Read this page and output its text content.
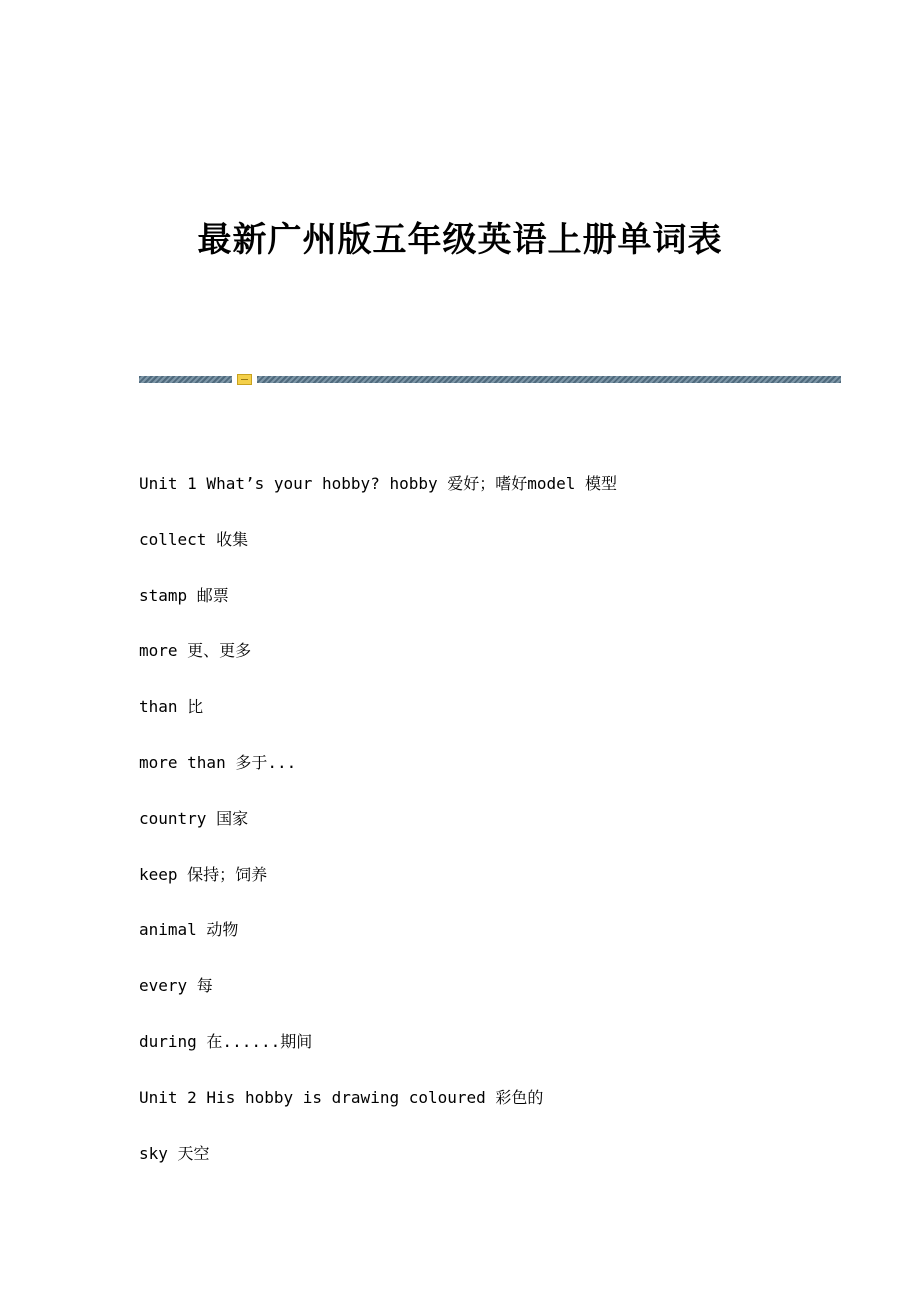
最新广州版五年级英语上册单词表
Unit 1 What’s your hobby? hobby 爱好；嗜好model 模型
collect 收集
stamp 邮票
more 更、更多
than 比
more than 多于...
country 国家
keep 保持；饲养
animal 动物
every 每
during 在......期间
Unit 2 His hobby is drawing coloured 彩色的
sky 天空
